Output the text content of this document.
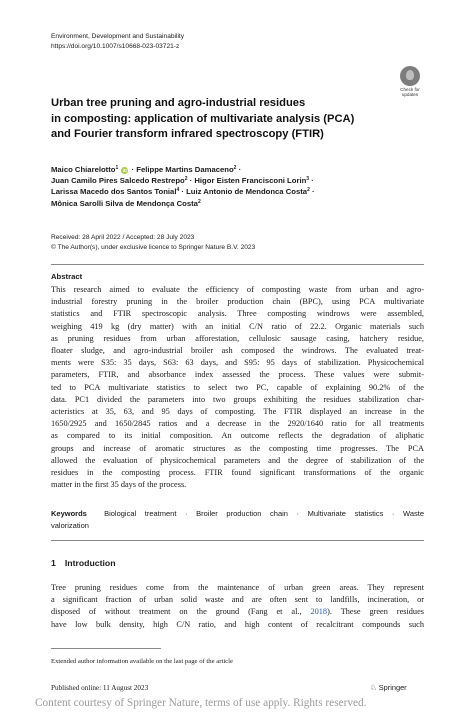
Environment, Development and Sustainability
https://doi.org/10.1007/s10668-023-03721-z
Check for
updates
Urban tree pruning and agro-industrial residues
in composting: application of multivariate analysis (PCA)
and Fourier transform infrared spectroscopy (FTIR)
Maico Chiarelotto$^1$ iD · Felippe Martins Damaceno$^2$ ·
Juan Camilo Pires Salcedo Restrepo$^2$ · Higor Eisten Francisconi Lorin$^3$ ·
Larissa Macedo dos Santos Tonial$^4$ · Luiz Antonio de Mendonca Costa$^2$ ·
Mônica Sarolli Silva de Mendonça Costa$^2$
Received: 28 April 2022 / Accepted: 28 July 2023
© The Author(s), under exclusive licence to Springer Nature B.V. 2023
Abstract
This research aimed to evaluate the efficiency of composting waste from urban and agro-
industrial forestry pruning in the broiler production chain (BPC), using PCA multivariate
statistics and FTIR spectroscopic analysis. Three composting windrows were assembled,
weighing 419 kg (dry matter) with an initial C/N ratio of 22.2. Organic materials such
as pruning residues from urban afforestation, cellulosic sausage casing, hatchery residue,
floater sludge, and agro-industrial broiler ash composed the windrows. The evaluated treat-
ments were S35: 35 days, S63: 63 days, and S95: 95 days of stabilization. Physicochemical
parameters, FTIR, and absorbance index assessed the process. These values were submit-
ted to PCA multivariate statistics to select two PC, capable of explaining 90.2% of the
data. PC1 divided the parameters into two groups exhibiting the residues stabilization char-
acteristics at 35, 63, and 95 days of composting. The FTIR displayed an increase in the
1650/2925 and 1650/2845 ratios and a decrease in the 2920/1640 ratio for all treatments
as compared to its initial composition. An outcome reflects the degradation of aliphatic
groups and increase of aromatic structures as the composting time progresses. The PCA
allowed the evaluation of physicochemical parameters and the degree of stabilization of the
residues in the composting process. FTIR found significant transformations of the organic
matter in the first 35 days of the process.
Keywords Biological treatment · Broiler production chain · Multivariate statistics · Waste
valorization
1 Introduction
Tree pruning residues come from the maintenance of urban green areas. They represent
a significant fraction of urban solid waste and are often sent to landfills, incineration, or
disposed of without treatment on the ground (Fang et al., 2018). These green residues
have low bulk density, high C/N ratio, and high content of recalcitrant compounds such
Extended author information available on the last page of the article
Published online: 11 August 2023	♘ Springer
Content courtesy of Springer Nature, terms of use apply. Rights reserved.
